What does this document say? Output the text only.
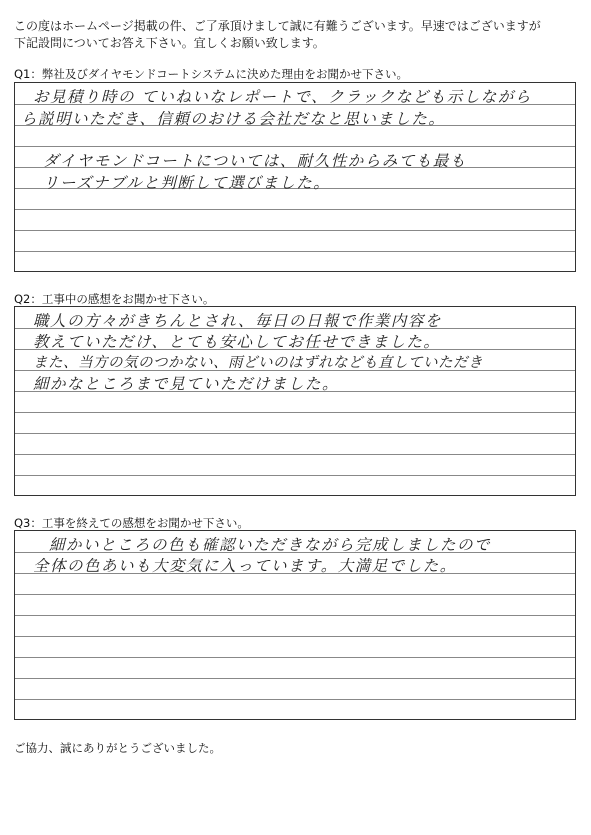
この度はホームページ掲載の件、ご了承頂けまして誠に有難うございます。早速ではございますが
下記設問についてお答え下さい。宜しくお願い致します。
Q1：弊社及びダイヤモンドコートシステムに決めた理由をお聞かせ下さい。
お見積り時の ていねいなレポートで、クラックなども示しながら
ら説明いただき、信頼のおける会社だなと思いました。
ダイヤモンドコートについては、耐久性からみても最も
リーズナブルと判断して選びました。
Q2：工事中の感想をお聞かせ下さい。
職人の方々がきちんとされ、毎日の日報で作業内容を
教えていただけ、とても安心してお任せできました。
また、当方の気のつかない、雨どいのはずれなども直していただき
細かなところまで見ていただけました。
Q3：工事を終えての感想をお聞かせ下さい。
細かいところの色も確認いただきながら完成しましたので
全体の色あいも大変気に入っています。大満足でした。
ご協力、誠にありがとうございました。
